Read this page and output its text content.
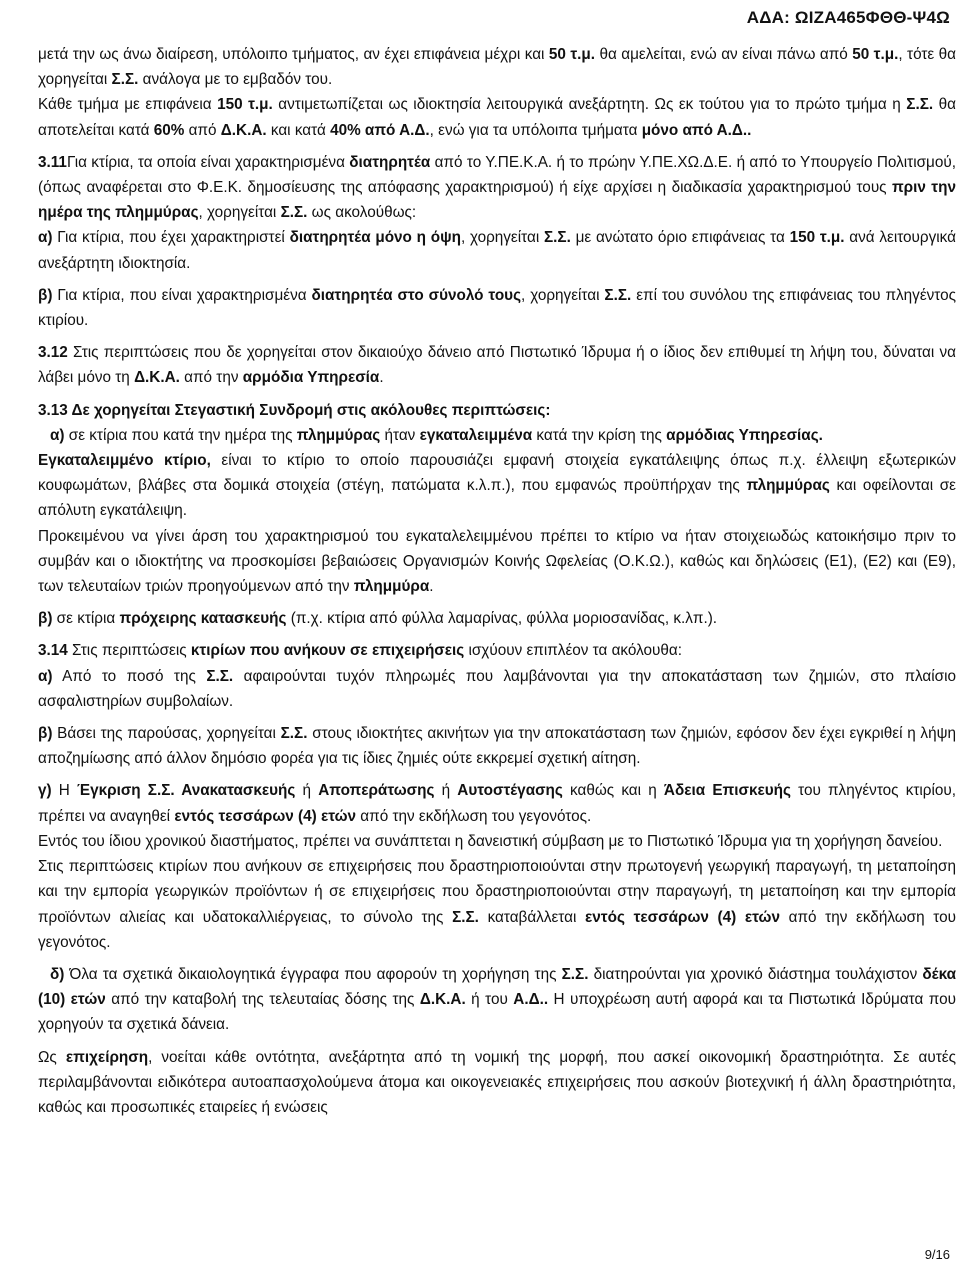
ΑΔΑ: ΩΙΖΑ465ΦΘΘ-Ψ4Ω

μετά την ως άνω διαίρεση, υπόλοιπο τμήματος, αν έχει επιφάνεια μέχρι και 50 τ.μ. θα αμελείται, ενώ αν είναι πάνω από 50 τ.μ., τότε θα χορηγείται Σ.Σ. ανάλογα με το εμβαδόν του.

Κάθε τμήμα με επιφάνεια 150 τ.μ. αντιμετωπίζεται ως ιδιοκτησία λειτουργικά ανεξάρτητη. Ως εκ τούτου για το πρώτο τμήμα η Σ.Σ. θα αποτελείται κατά 60% από Δ.Κ.Α. και κατά 40% από Α.Δ., ενώ για τα υπόλοιπα τμήματα μόνο από Α.Δ..

3.11Για κτίρια, τα οποία είναι χαρακτηρισμένα διατηρητέα από το Υ.ΠΕ.Κ.Α. ή το πρώην Υ.ΠΕ.ΧΩ.Δ.Ε. ή από το Υπουργείο Πολιτισμού, (όπως αναφέρεται στο Φ.Ε.Κ. δημοσίευσης της απόφασης χαρακτηρισμού) ή είχε αρχίσει η διαδικασία χαρακτηρισμού τους πριν την ημέρα της πλημμύρας, χορηγείται Σ.Σ. ως ακολούθως:

α) Για κτίρια, που έχει χαρακτηριστεί διατηρητέα μόνο η όψη, χορηγείται Σ.Σ. με ανώτατο όριο επιφάνειας τα 150 τ.μ. ανά λειτουργικά ανεξάρτητη ιδιοκτησία.

β) Για κτίρια, που είναι χαρακτηρισμένα διατηρητέα στο σύνολό τους, χορηγείται Σ.Σ. επί του συνόλου της επιφάνειας του πληγέντος κτιρίου.

3.12 Στις περιπτώσεις που δε χορηγείται στον δικαιούχο δάνειο από Πιστωτικό Ίδρυμα ή ο ίδιος δεν επιθυμεί τη λήψη του, δύναται να λάβει μόνο τη Δ.Κ.Α. από την αρμόδια Υπηρεσία.

3.13 Δε χορηγείται Στεγαστική Συνδρομή στις ακόλουθες περιπτώσεις:

α) σε κτίρια που κατά την ημέρα της πλημμύρας ήταν εγκαταλειμμένα κατά την κρίση της αρμόδιας Υπηρεσίας.

Εγκαταλειμμένο κτίριο, είναι το κτίριο το οποίο παρουσιάζει εμφανή στοιχεία εγκατάλειψης όπως π.χ. έλλειψη εξωτερικών κουφωμάτων, βλάβες στα δομικά στοιχεία (στέγη, πατώματα κ.λ.π.), που εμφανώς προϋπήρχαν της πλημμύρας και οφείλονται σε απόλυτη εγκατάλειψη.

Προκειμένου να γίνει άρση του χαρακτηρισμού του εγκαταλελειμμένου πρέπει το κτίριο να ήταν στοιχειωδώς κατοικήσιμο πριν το συμβάν και ο ιδιοκτήτης να προσκομίσει βεβαιώσεις Οργανισμών Κοινής Ωφελείας (Ο.Κ.Ω.), καθώς και δηλώσεις (Ε1), (Ε2) και (Ε9), των τελευταίων τριών προηγούμενων από την πλημμύρα.

β) σε κτίρια πρόχειρης κατασκευής (π.χ. κτίρια από φύλλα λαμαρίνας, φύλλα μοριοσανίδας, κ.λπ.).

3.14 Στις περιπτώσεις κτιρίων που ανήκουν σε επιχειρήσεις ισχύουν επιπλέον τα ακόλουθα:

α) Από το ποσό της Σ.Σ. αφαιρούνται τυχόν πληρωμές που λαμβάνονται για την αποκατάσταση των ζημιών, στο πλαίσιο ασφαλιστηρίων συμβολαίων.

β) Βάσει της παρούσας, χορηγείται Σ.Σ. στους ιδιοκτήτες ακινήτων για την αποκατάσταση των ζημιών, εφόσον δεν έχει εγκριθεί η λήψη αποζημίωσης από άλλον δημόσιο φορέα για τις ίδιες ζημιές ούτε εκκρεμεί σχετική αίτηση.

γ) Η Έγκριση Σ.Σ. Ανακατασκευής ή Αποπεράτωσης ή Αυτοστέγασης καθώς και η Άδεια Επισκευής του πληγέντος κτιρίου, πρέπει να αναγηθεί εντός τεσσάρων (4) ετών από την εκδήλωση του γεγονότος.

Εντός του ίδιου χρονικού διαστήματος, πρέπει να συνάπτεται η δανειστική σύμβαση με το Πιστωτικό Ίδρυμα για τη χορήγηση δανείου.

Στις περιπτώσεις κτιρίων που ανήκουν σε επιχειρήσεις που δραστηριοποιούνται στην πρωτογενή γεωργική παραγωγή, τη μεταποίηση και την εμπορία γεωργικών προϊόντων ή σε επιχειρήσεις που δραστηριοποιούνται στην παραγωγή, τη μεταποίηση και την εμπορία προϊόντων αλιείας και υδατοκαλλιέργειας, το σύνολο της Σ.Σ. καταβάλλεται εντός τεσσάρων (4) ετών από την εκδήλωση του γεγονότος.

δ) Όλα τα σχετικά δικαιολογητικά έγγραφα που αφορούν τη χορήγηση της Σ.Σ. διατηρούνται για χρονικό διάστημα τουλάχιστον δέκα (10) ετών από την καταβολή της τελευταίας δόσης της Δ.Κ.Α. ή του Α.Δ.. Η υποχρέωση αυτή αφορά και τα Πιστωτικά Ιδρύματα που χορηγούν τα σχετικά δάνεια.

Ως επιχείρηση, νοείται κάθε οντότητα, ανεξάρτητα από τη νομική της μορφή, που ασκεί οικονομική δραστηριότητα. Σε αυτές περιλαμβάνονται ειδικότερα αυτοαπασχολούμενα άτομα και οικογενειακές επιχειρήσεις που ασκούν βιοτεχνική ή άλλη δραστηριότητα, καθώς και προσωπικές εταιρείες ή ενώσεις

9/16
